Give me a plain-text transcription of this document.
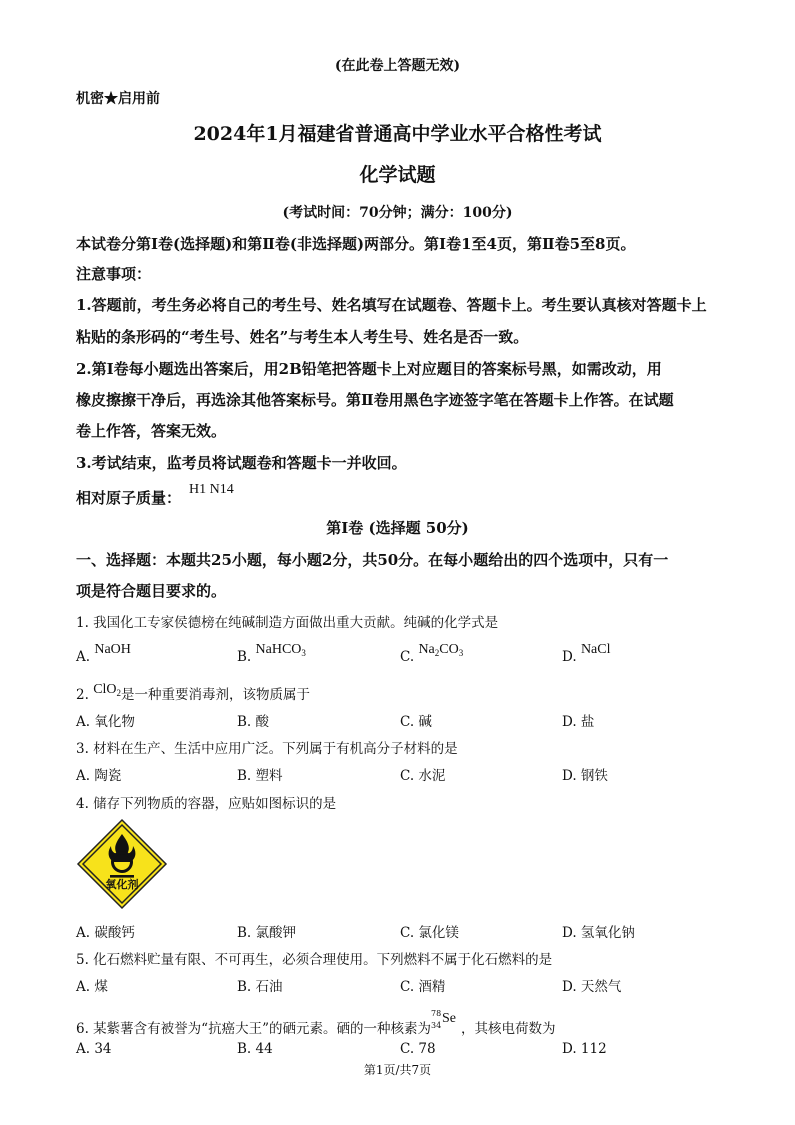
(在此卷上答题无效)
机密★启用前
2024年1月福建省普通高中学业水平合格性考试
化学试题
(考试时间：70分钟；满分：100分)
本试卷分第Ⅰ卷(选择题)和第Ⅱ卷(非选择题)两部分。第Ⅰ卷1至4页，第Ⅱ卷5至8页。
注意事项：
1.答题前，考生务必将自己的考生号、姓名填写在试题卷、答题卡上。考生要认真核对答题卡上
粘贴的条形码的“考生号、姓名”与考生本人考生号、姓名是否一致。
2.第Ⅰ卷每小题选出答案后，用2B铅笔把答题卡上对应题目的答案标号黑，如需改动，用
橡皮擦擦干净后，再选涂其他答案标号。第Ⅱ卷用黑色字迹签字笔在答题卡上作答。在试题
卷上作答，答案无效。
3.考试结束，监考员将试题卷和答题卡一并收回。
相对原子质量： H1 N14
第Ⅰ卷 (选择题 50分)
一、选择题：本题共25小题，每小题2分，共50分。在每小题给出的四个选项中，只有一
项是符合题目要求的。
1. 我国化工专家侯德榜在纯碱制造方面做出重大贡献。纯碱的化学式是
A. NaOH	B. NaHCO$_3$	C. $Na_2CO_3$	D. NaCl
2. ClO$_2$是一种重要消毒剂，该物质属于
A. 氧化物	B. 酸	C. 碱	D. 盐
3. 材料在生产、生活中应用广泛。下列属于有机高分子材料的是
A. 陶瓷	B. 塑料	C. 水泥	D. 钢铁
4. 储存下列物质的容器，应贴如图标识的是
氧化剂
A. 碳酸钙	B. 氯酸钾	C. 氯化镁	D. 氢氧化钠
5. 化石燃料贮量有限、不可再生，必须合理使用。下列燃料不属于化石燃料的是
A. 煤	B. 石油	C. 酒精	D. 天然气
6. 某紫薯含有被誉为“抗癌大王”的硒元素。硒的一种核素为
78
34 Se
，其核电荷数为
A. 34	B. 44	C. 78	D. 112
第1页/共7页
